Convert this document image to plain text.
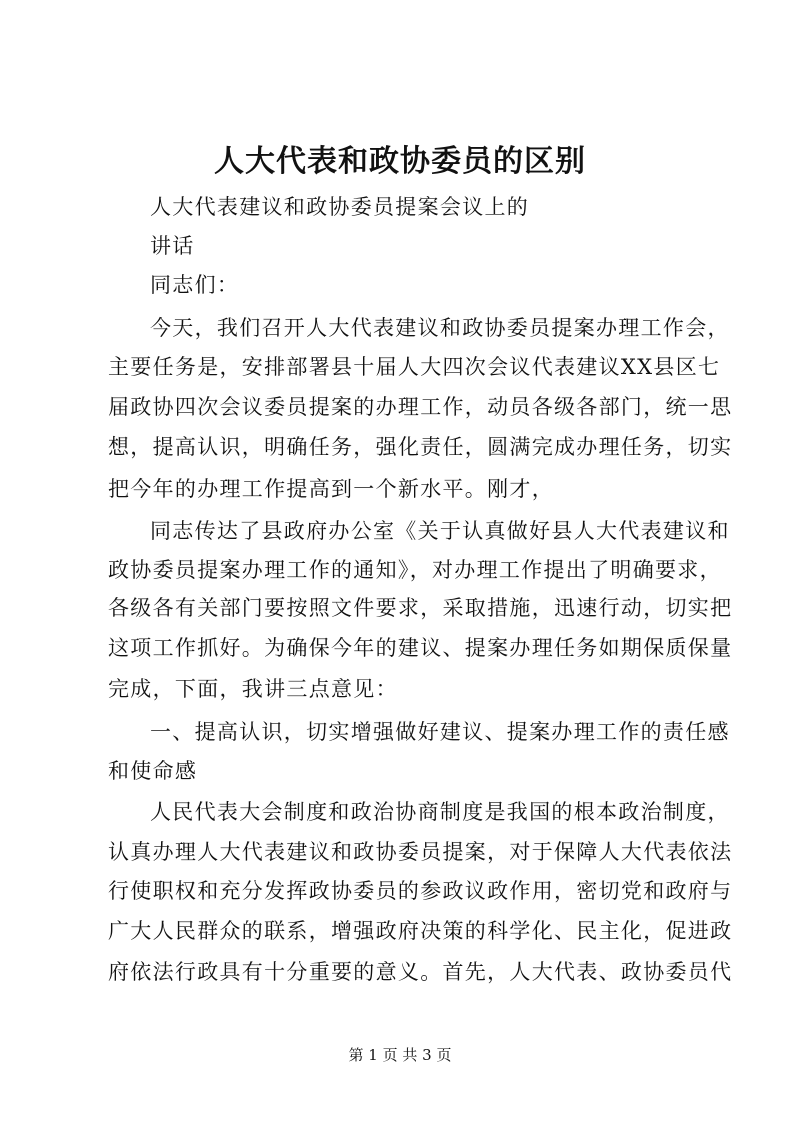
人大代表和政协委员的区别
人大代表建议和政协委员提案会议上的
讲话
同志们：
今天，我们召开人大代表建议和政协委员提案办理工作会，
主要任务是，安排部署县十届人大四次会议代表建议XX县区七
届政协四次会议委员提案的办理工作，动员各级各部门，统一思
想，提高认识，明确任务，强化责任，圆满完成办理任务，切实
把今年的办理工作提高到一个新水平。刚才，
同志传达了县政府办公室《关于认真做好县人大代表建议和
政协委员提案办理工作的通知》，对办理工作提出了明确要求，
各级各有关部门要按照文件要求，采取措施，迅速行动，切实把
这项工作抓好。为确保今年的建议、提案办理任务如期保质保量
完成，下面，我讲三点意见：
一、提高认识，切实增强做好建议、提案办理工作的责任感
和使命感
人民代表大会制度和政治协商制度是我国的根本政治制度，
认真办理人大代表建议和政协委员提案，对于保障人大代表依法
行使职权和充分发挥政协委员的参政议政作用，密切党和政府与
广大人民群众的联系，增强政府决策的科学化、民主化，促进政
府依法行政具有十分重要的意义。首先，人大代表、政协委员代
第 1 页 共 3 页
